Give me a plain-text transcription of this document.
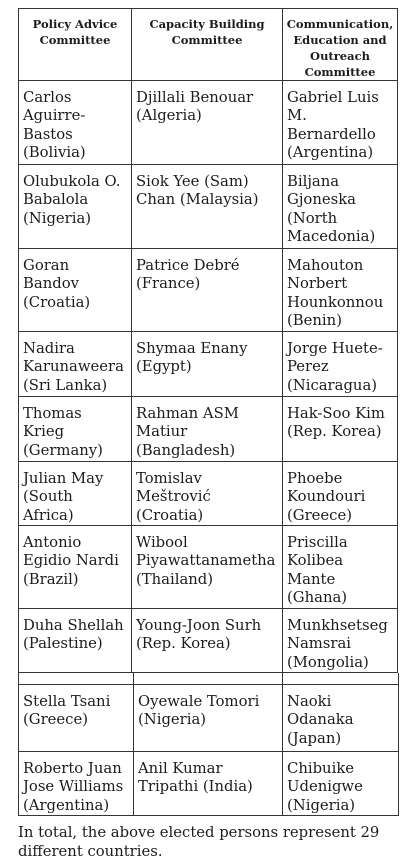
Policy Advice
Committee
Capacity Building
Committee
Communication,
Education and
Outreach
Committee
Carlos
Aguirre-
Bastos
(Bolivia)
Djillali Benouar
(Algeria)
Gabriel Luis
M.
Bernardello
(Argentina)
Olubukola O.
Babalola
(Nigeria)
Siok Yee (Sam)
Chan (Malaysia)
Biljana
Gjoneska
(North
Macedonia)
Goran
Bandov
(Croatia)
Patrice Debré
(France)
Mahouton
Norbert
Hounkonnou
(Benin)
Nadira
Karunaweera
(Sri Lanka)
Shymaa Enany
(Egypt)
Jorge Huete-
Perez
(Nicaragua)
Thomas
Krieg
(Germany)
Rahman ASM
Matiur
(Bangladesh)
Hak-Soo Kim
(Rep. Korea)
Julian May
(South
Africa)
Tomislav
Meštrović
(Croatia)
Phoebe
Koundouri
(Greece)
Antonio
Egidio Nardi
(Brazil)
Wibool
Piyawattanametha
(Thailand)
Priscilla
Kolibea
Mante
(Ghana)
Duha Shellah
(Palestine)
Young-Joon Surh
(Rep. Korea)
Munkhsetseg
Namsrai
(Mongolia)

Stella Tsani
(Greece)
Oyewale Tomori
(Nigeria)
Naoki
Odanaka
(Japan)
Roberto Juan
Jose Williams
(Argentina)
Anil Kumar
Tripathi (India)
Chibuike
Udenigwe
(Nigeria)

In total, the above elected persons represent 29 different countries.
